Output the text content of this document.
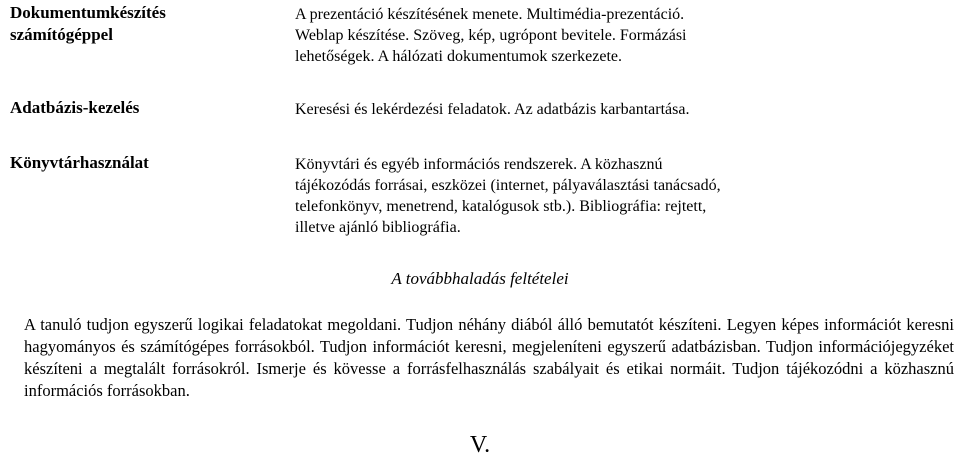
Dokumentumkészítés
számítógéppel
A prezentáció készítésének menete. Multimédia-prezentáció.
Weblap készítése. Szöveg, kép, ugrópont bevitele. Formázási
lehetőségek. A hálózati dokumentumok szerkezete.
Adatbázis-kezelés	Keresési és lekérdezési feladatok. Az adatbázis karbantartása.
Könyvtárhasználat	Könyvtári és egyéb információs rendszerek. A közhasznú
tájékozódás forrásai, eszközei (internet, pályaválasztási tanácsadó,
telefonkönyv, menetrend, katalógusok stb.). Bibliográfia: rejtett,
illetve ajánló bibliográfia.
A továbbhaladás feltételei
A tanuló tudjon egyszerű logikai feladatokat megoldani. Tudjon néhány diából álló bemutatót készíteni. Legyen képes információt keresni hagyományos és számítógépes forrásokból. Tudjon információt keresni, megjeleníteni egyszerű adatbázisban. Tudjon információjegyzéket készíteni a megtalált forrásokról. Ismerje és kövesse a forrásfelhasználás szabályait és etikai normáit. Tudjon tájékozódni a közhasznú információs forrásokban.
V.
